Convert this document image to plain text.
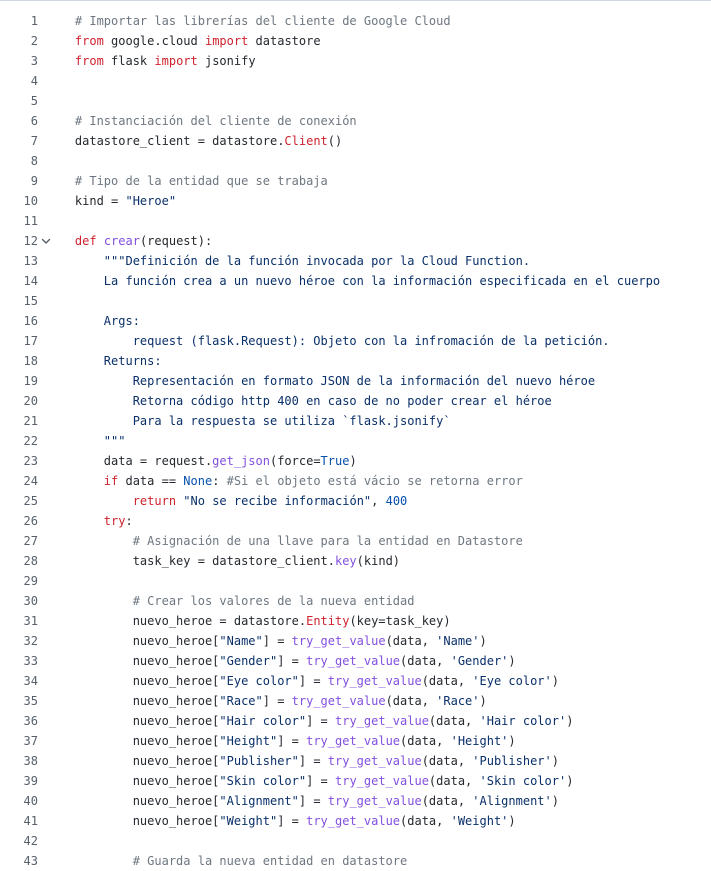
1 # Importar las librerías del cliente de Google Cloud
2	from google.cloud import datastore
3	from flask import jsonify
4
5
6 # Instanciación del cliente de conexión
7 datastore_client = datastore.Client()
8
9 # Tipo de la entidad que se trabaja
10 kind = "Heroe"
11
12	def crear(request):
13 """Definición de la función invocada por la Cloud Function.
14 La función crea a un nuevo héroe con la información especificada en el cuerpo
15
16 Args:
17 request (flask.Request): Objeto con la infromación de la petición.
18 Returns:
19 Representación en formato JSON de la información del nuevo héroe
20 Retorna código http 400 en caso de no poder crear el héroe
21 Para la respuesta se utiliza `flask.jsonify`
22 """
23 data = request.get_json(force=True)
24	if data == None: #Si el objeto está vácio se retorna error
25	return "No se recibe información", 400
26	try:
27 # Asignación de una llave para la entidad en Datastore
28 task_key = datastore_client.key(kind)
29
30 # Crear los valores de la nueva entidad
31 nuevo_heroe = datastore.Entity(key=task_key)
32 nuevo_heroe["Name"] = try_get_value(data, 'Name')
33 nuevo_heroe["Gender"] = try_get_value(data, 'Gender')
34 nuevo_heroe["Eye color"] = try_get_value(data, 'Eye color')
35 nuevo_heroe["Race"] = try_get_value(data, 'Race')
36 nuevo_heroe["Hair color"] = try_get_value(data, 'Hair color')
37 nuevo_heroe["Height"] = try_get_value(data, 'Height')
38 nuevo_heroe["Publisher"] = try_get_value(data, 'Publisher')
39 nuevo_heroe["Skin color"] = try_get_value(data, 'Skin color')
40 nuevo_heroe["Alignment"] = try_get_value(data, 'Alignment')
41 nuevo_heroe["Weight"] = try_get_value(data, 'Weight')
42
43 # Guarda la nueva entidad en datastore
